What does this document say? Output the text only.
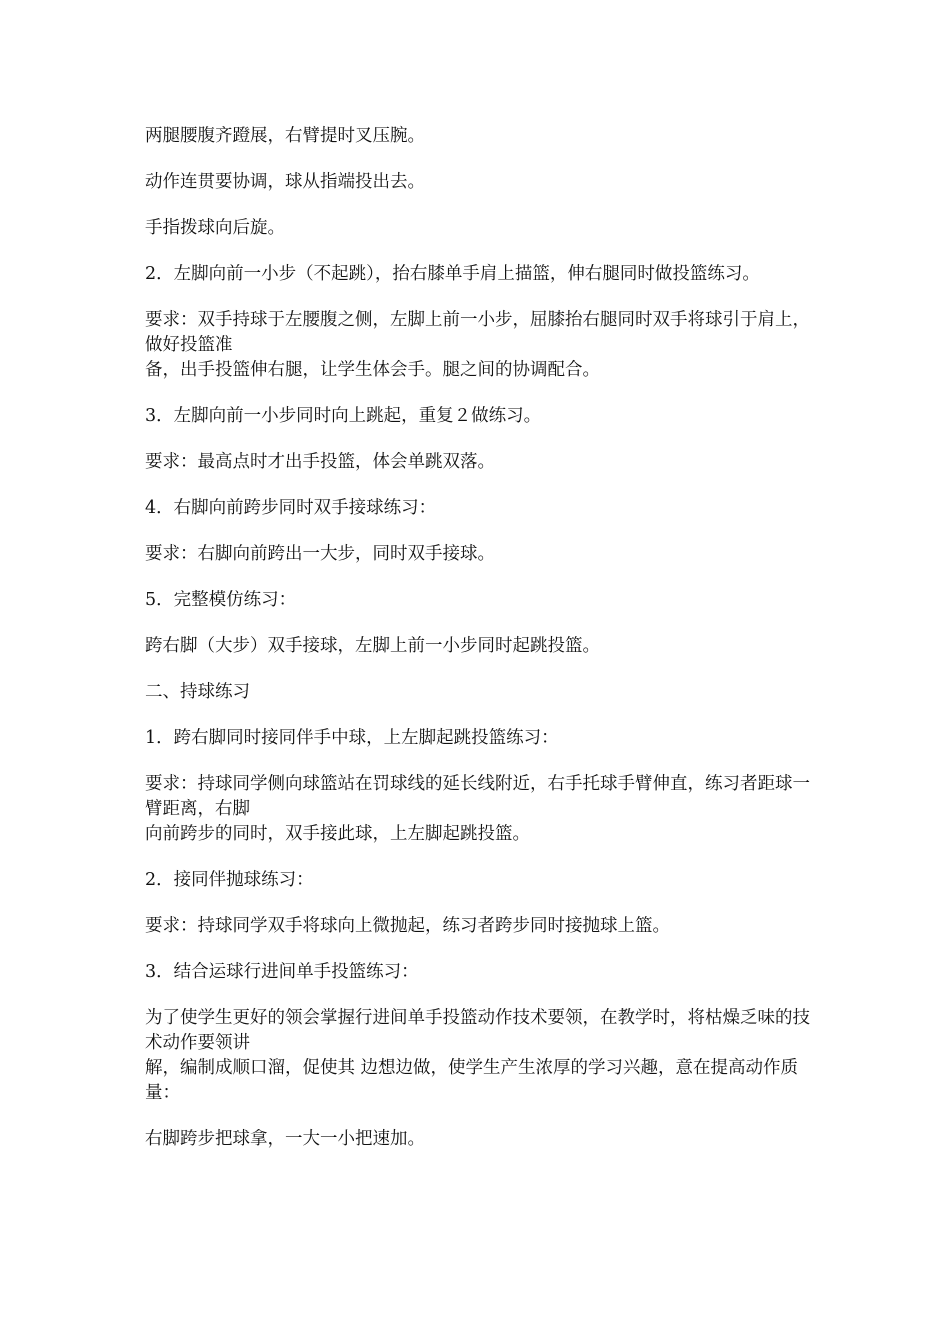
两腿腰腹齐蹬展，右臂提时叉压腕。

动作连贯要协调，球从指端投出去。

手指拨球向后旋。

2．左脚向前一小步（不起跳），抬右膝单手肩上描篮，伸右腿同时做投篮练习。

要求：双手持球于左腰腹之侧，左脚上前一小步，屈膝抬右腿同时双手将球引于肩上，做好投篮准
备，出手投篮伸右腿，让学生体会手。腿之间的协调配合。

3．左脚向前一小步同时向上跳起，重复２做练习。

要求：最高点时才出手投篮，体会单跳双落。

4．右脚向前跨步同时双手接球练习：

要求：右脚向前跨出一大步，同时双手接球。

5．完整模仿练习：

跨右脚（大步）双手接球，左脚上前一小步同时起跳投篮。

二、持球练习

1．跨右脚同时接同伴手中球，上左脚起跳投篮练习：

要求：持球同学侧向球篮站在罚球线的延长线附近，右手托球手臂伸直，练习者距球一臂距离，右脚
向前跨步的同时，双手接此球，上左脚起跳投篮。

2．接同伴抛球练习：

要求：持球同学双手将球向上微抛起，练习者跨步同时接抛球上篮。

3．结合运球行进间单手投篮练习：

为了使学生更好的领会掌握行进间单手投篮动作技术要领，在教学时，将枯燥乏味的技术动作要领讲
解，编制成顺口溜，促使其 边想边做，使学生产生浓厚的学习兴趣，意在提高动作质量：

右脚跨步把球拿，一大一小把速加。
